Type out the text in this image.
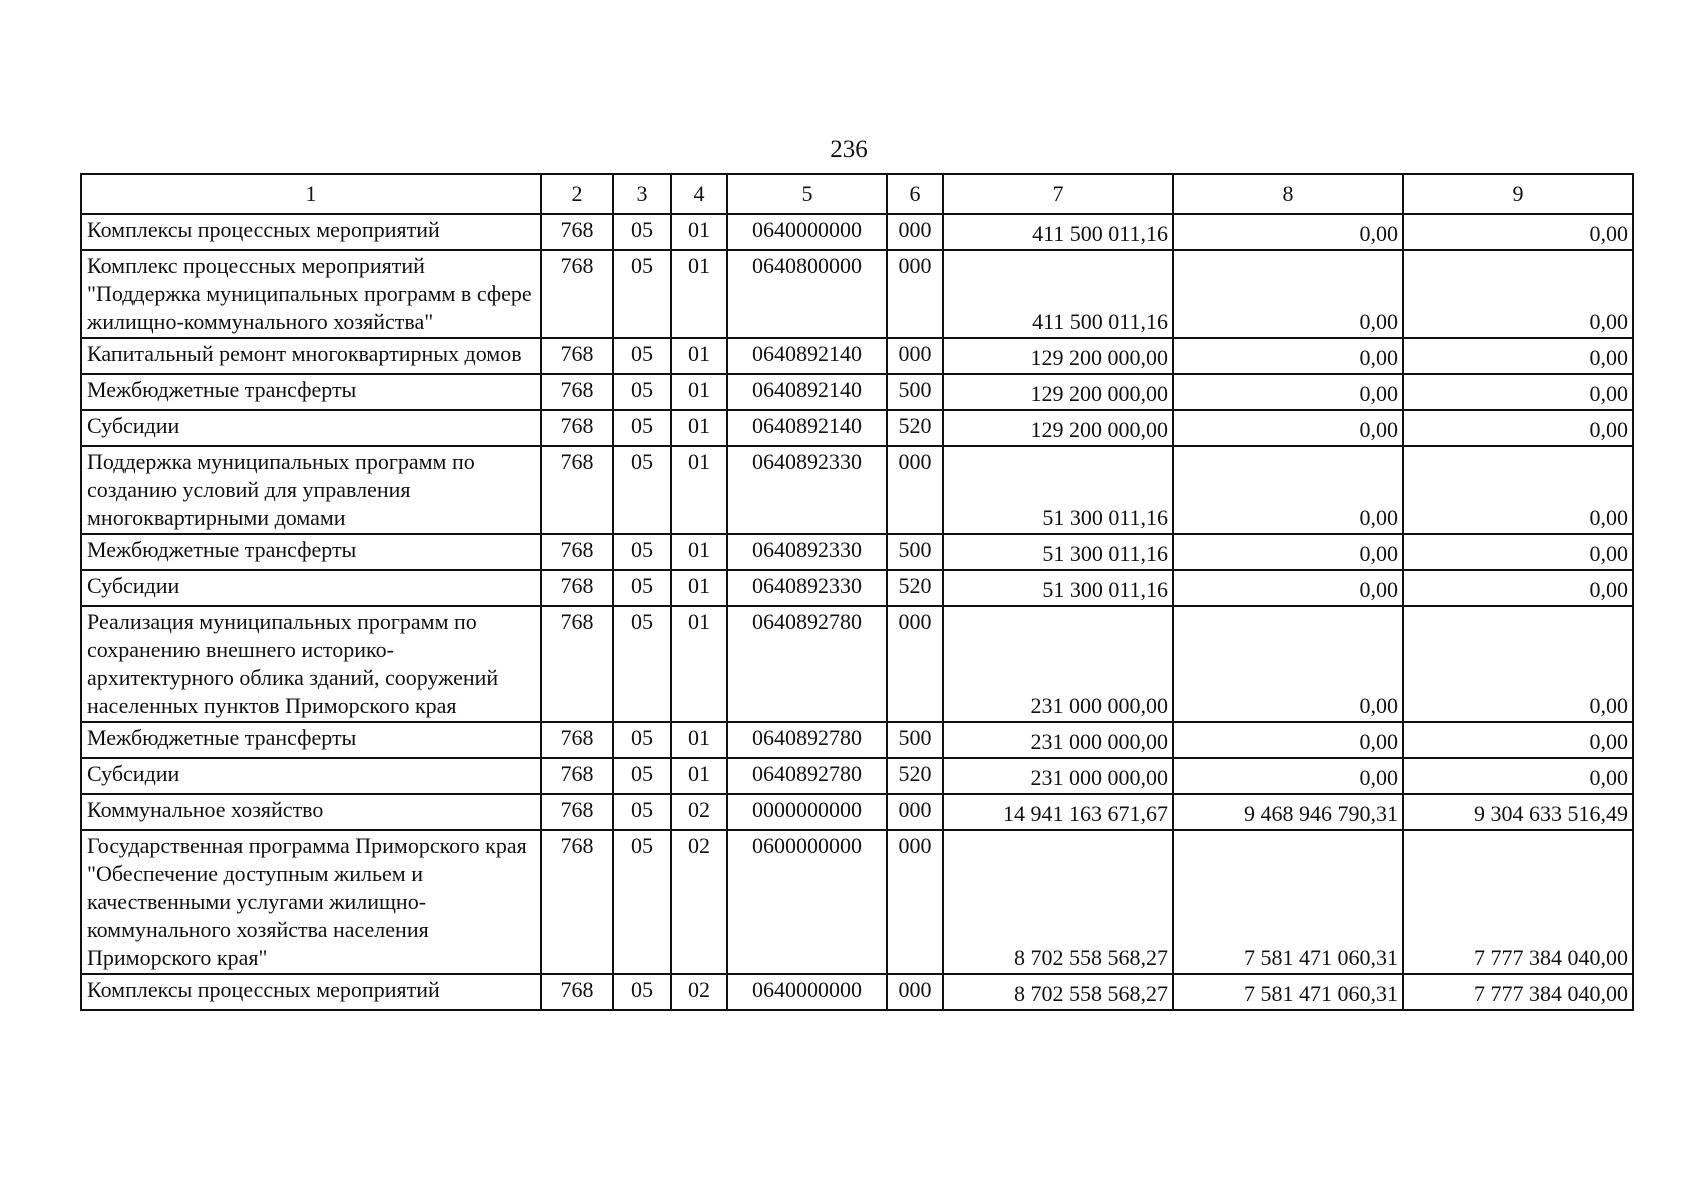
236
1	2	3	4	5	6	7	8	9
Комплексы процессных мероприятий	768	05	01	0640000000	000	411 500 011,16	0,00	0,00
Комплекс процессных мероприятий "Поддержка муниципальных программ в сфере жилищно-коммунального хозяйства"	768	05	01	0640800000	000	411 500 011,16	0,00	0,00
Капитальный ремонт многоквартирных домов	768	05	01	0640892140	000	129 200 000,00	0,00	0,00
Межбюджетные трансферты	768	05	01	0640892140	500	129 200 000,00	0,00	0,00
Субсидии	768	05	01	0640892140	520	129 200 000,00	0,00	0,00
Поддержка муниципальных программ по созданию условий для управления многоквартирными домами	768	05	01	0640892330	000	51 300 011,16	0,00	0,00
Межбюджетные трансферты	768	05	01	0640892330	500	51 300 011,16	0,00	0,00
Субсидии	768	05	01	0640892330	520	51 300 011,16	0,00	0,00
Реализация муниципальных программ по сохранению внешнего историко-архитектурного облика зданий, сооружений населенных пунктов Приморского края	768	05	01	0640892780	000	231 000 000,00	0,00	0,00
Межбюджетные трансферты	768	05	01	0640892780	500	231 000 000,00	0,00	0,00
Субсидии	768	05	01	0640892780	520	231 000 000,00	0,00	0,00
Коммунальное хозяйство	768	05	02	0000000000	000	14 941 163 671,67	9 468 946 790,31	9 304 633 516,49
Государственная программа Приморского края "Обеспечение доступным жильем и качественными услугами жилищно-коммунального хозяйства населения Приморского края"	768	05	02	0600000000	000	8 702 558 568,27	7 581 471 060,31	7 777 384 040,00
Комплексы процессных мероприятий	768	05	02	0640000000	000	8 702 558 568,27	7 581 471 060,31	7 777 384 040,00
